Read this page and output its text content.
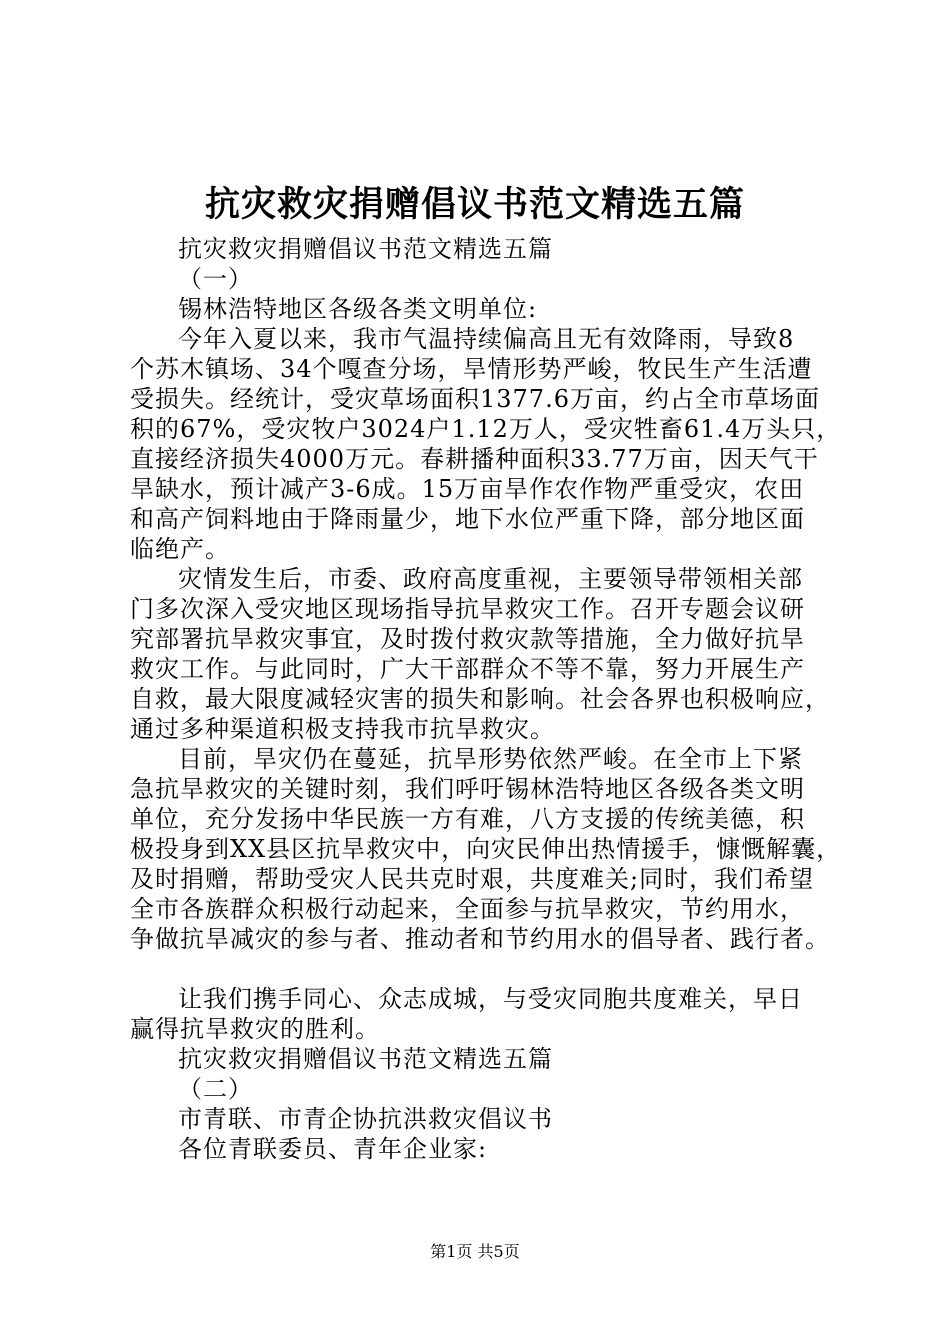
抗灾救灾捐赠倡议书范文精选五篇
抗灾救灾捐赠倡议书范文精选五篇
（一）
锡林浩特地区各级各类文明单位:
今年入夏以来，我市气温持续偏高且无有效降雨，导致8
个苏木镇场、34个嘎查分场，旱情形势严峻，牧民生产生活遭
受损失。经统计，受灾草场面积1377.6万亩，约占全市草场面
积的67%，受灾牧户3024户1.12万人，受灾牲畜61.4万头只，
直接经济损失4000万元。春耕播种面积33.77万亩，因天气干
旱缺水，预计减产3-6成。15万亩旱作农作物严重受灾，农田
和高产饲料地由于降雨量少，地下水位严重下降，部分地区面
临绝产。
灾情发生后，市委、政府高度重视，主要领导带领相关部
门多次深入受灾地区现场指导抗旱救灾工作。召开专题会议研
究部署抗旱救灾事宜，及时拨付救灾款等措施，全力做好抗旱
救灾工作。与此同时，广大干部群众不等不靠，努力开展生产
自救，最大限度减轻灾害的损失和影响。社会各界也积极响应，
通过多种渠道积极支持我市抗旱救灾。
目前，旱灾仍在蔓延，抗旱形势依然严峻。在全市上下紧
急抗旱救灾的关键时刻，我们呼吁锡林浩特地区各级各类文明
单位，充分发扬中华民族一方有难，八方支援的传统美德，积
极投身到XX县区抗旱救灾中，向灾民伸出热情援手，慷慨解囊，
及时捐赠，帮助受灾人民共克时艰，共度难关;同时，我们希望
全市各族群众积极行动起来，全面参与抗旱救灾，节约用水，
争做抗旱减灾的参与者、推动者和节约用水的倡导者、践行者。
让我们携手同心、众志成城，与受灾同胞共度难关，早日
赢得抗旱救灾的胜利。
抗灾救灾捐赠倡议书范文精选五篇
（二）
市青联、市青企协抗洪救灾倡议书
各位青联委员、青年企业家:
第1页 共5页
